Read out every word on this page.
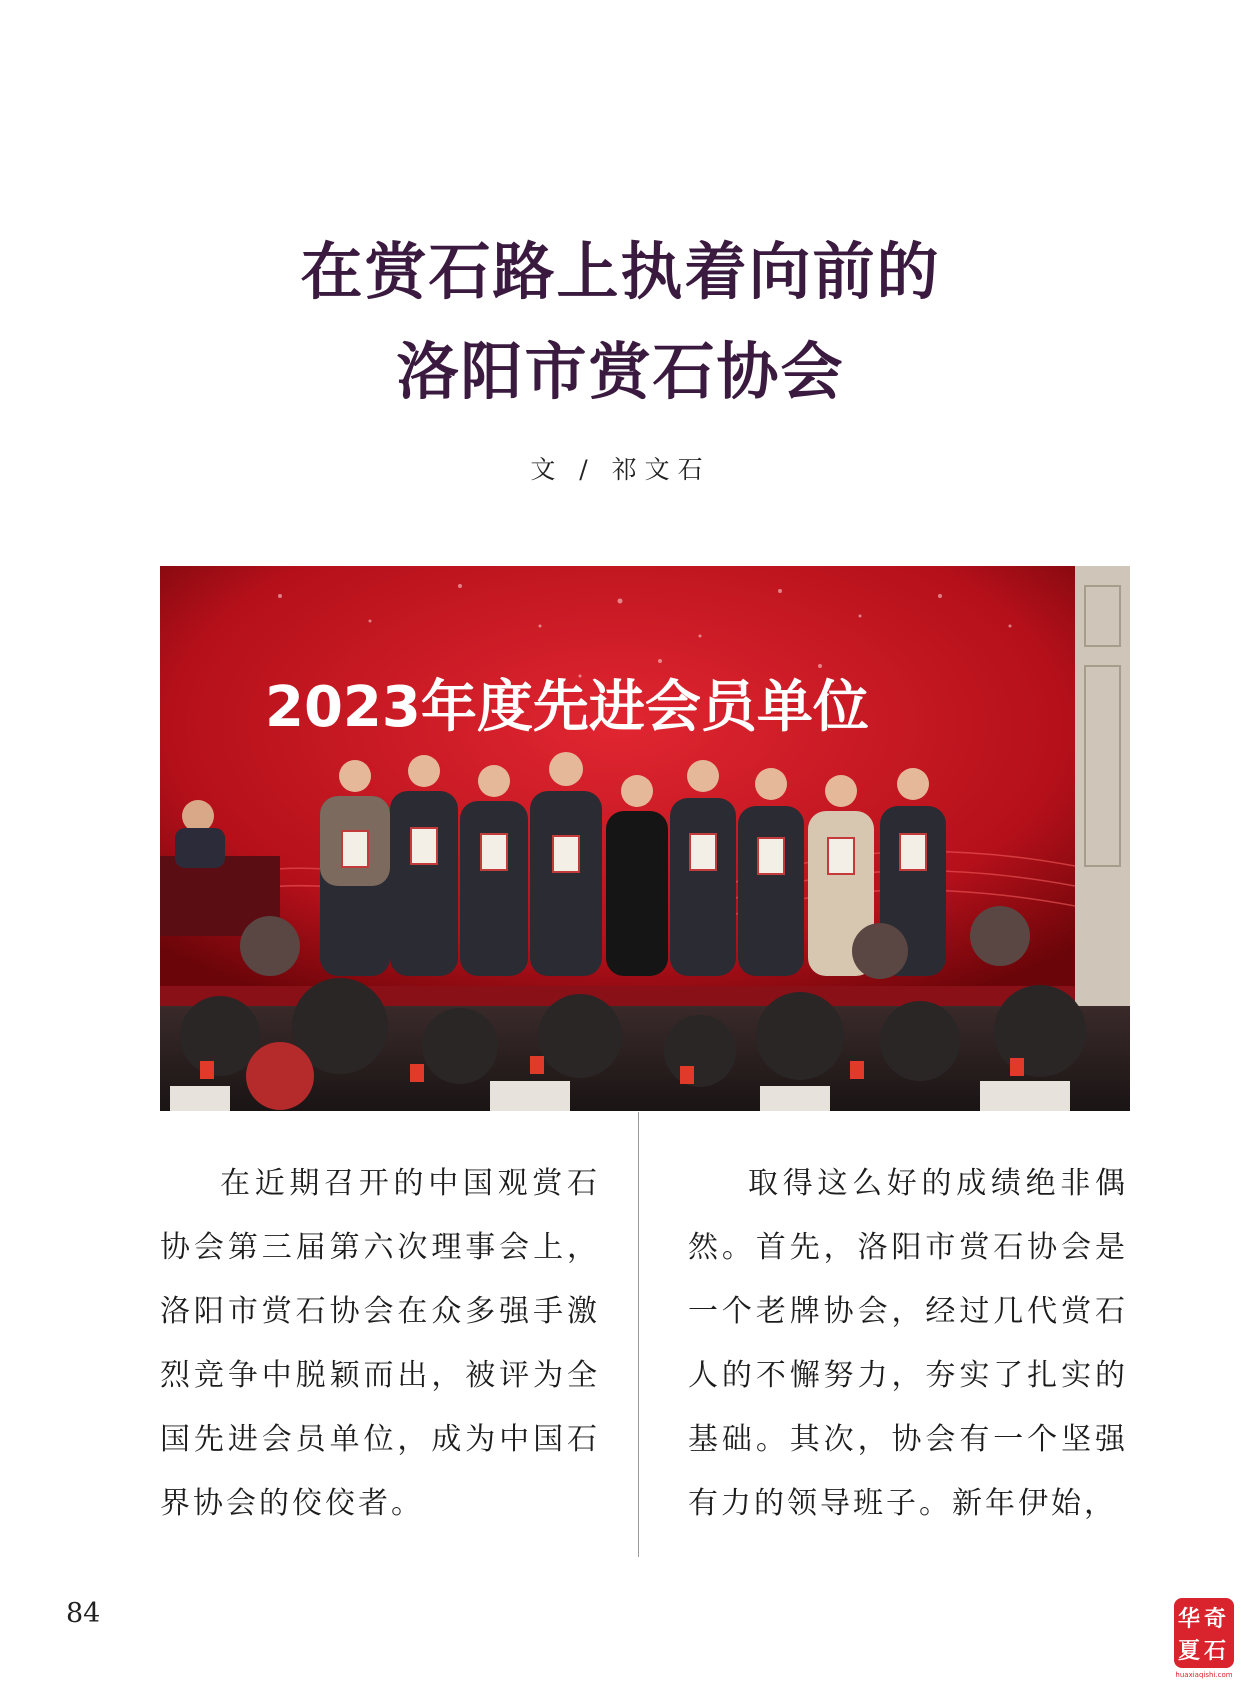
在赏石路上执着向前的
洛阳市赏石协会
文 / 祁文石
2023年度先进会员单位

在近期召开的中国观赏石协会第三届第六次理事会上，洛阳市赏石协会在众多强手激烈竞争中脱颖而出，被评为全国先进会员单位，成为中国石界协会的佼佼者。

取得这么好的成绩绝非偶然。首先，洛阳市赏石协会是一个老牌协会，经过几代赏石人的不懈努力，夯实了扎实的基础。其次，协会有一个坚强有力的领导班子。新年伊始，

84	华
夏
奇
石
huaxiaqishi.com
